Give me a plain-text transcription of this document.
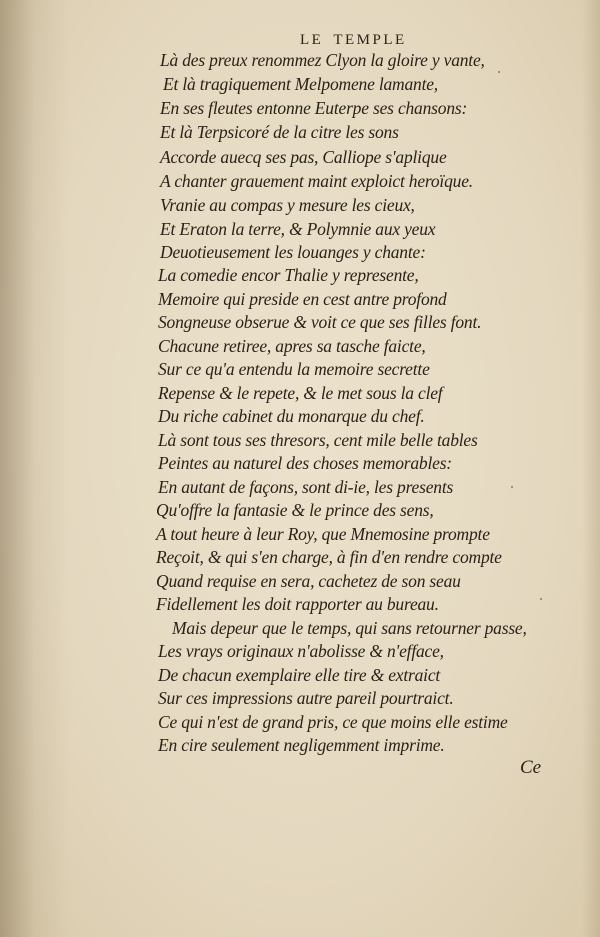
LE TEMPLE
Là des preux renommez Clyon la gloire y vante,
Et là tragiquement Melpomene lamante,
En ses fleutes entonne Euterpe ses chansons:
Et là Terpsicoré de la citre les sons
Accorde auecq ses pas, Calliope s'aplique
A chanter grauement maint exploict heroïque.
Vranie au compas y mesure les cieux,
Et Eraton la terre, & Polymnie aux yeux
Deuotieusement les louanges y chante:
La comedie encor Thalie y represente,
Memoire qui preside en cest antre profond
Songneuse obserue & voit ce que ses filles font.
Chacune retiree, apres sa tasche faicte,
Sur ce qu'a entendu la memoire secrette
Repense & le repete, & le met sous la clef
Du riche cabinet du monarque du chef.
Là sont tous ses thresors, cent mile belle tables
Peintes au naturel des choses memorables:
En autant de façons, sont di-ie, les presents
Qu'offre la fantasie & le prince des sens,
A tout heure à leur Roy, que Mnemosine prompte
Reçoit, & qui s'en charge, à fin d'en rendre compte
Quand requise en sera, cachetez de son seau
Fidellement les doit rapporter au bureau.
Mais depeur que le temps, qui sans retourner passe,
Les vrays originaux n'abolisse & n'efface,
De chacun exemplaire elle tire & extraict
Sur ces impressions autre pareil pourtraict.
Ce qui n'est de grand pris, ce que moins elle estime
En cire seulement negligemment imprime.
Ce
